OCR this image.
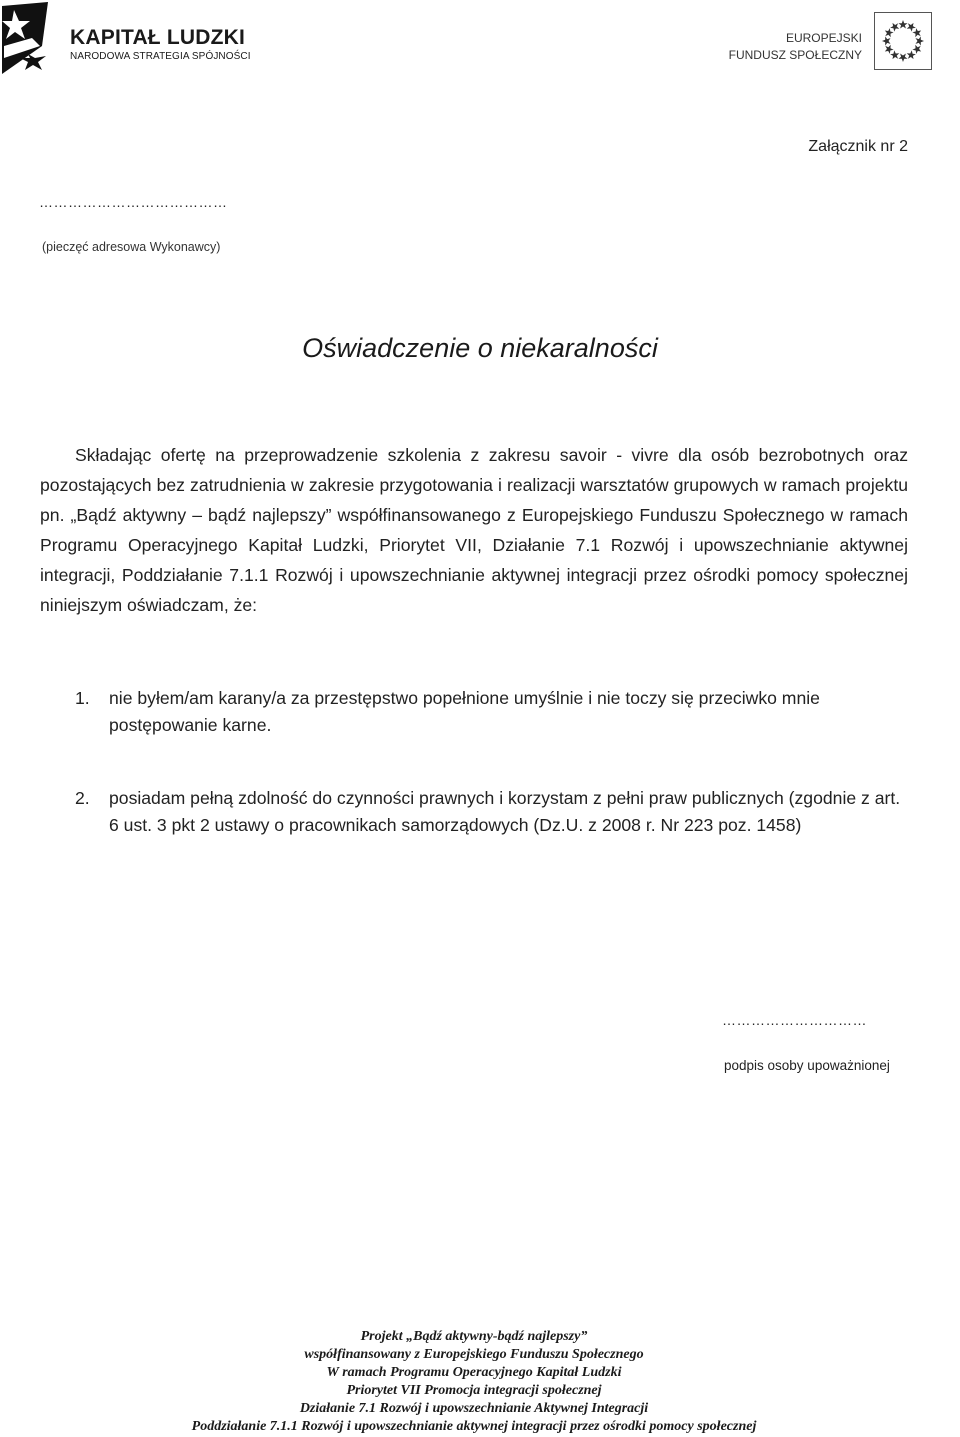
KAPITAŁ LUDZKI
NARODOWA STRATEGIA SPÓJNOŚCI
EUROPEJSKI
FUNDUSZ SPOŁECZNY
Załącznik nr 2
…………………………………
(pieczęć adresowa Wykonawcy)
Oświadczenie o niekaralności

Składając ofertę na przeprowadzenie szkolenia z zakresu savoir - vivre dla osób bezrobotnych oraz pozostających bez zatrudnienia w zakresie przygotowania i realizacji warsztatów grupowych w ramach projektu pn. „Bądź aktywny – bądź najlepszy” współfinansowanego z Europejskiego Funduszu Społecznego w ramach Programu Operacyjnego Kapitał Ludzki, Priorytet VII, Działanie 7.1 Rozwój i upowszechnianie aktywnej integracji, Poddziałanie 7.1.1 Rozwój i upowszechnianie aktywnej integracji przez ośrodki pomocy społecznej niniejszym oświadczam, że:

1.	nie byłem/am karany/a za przestępstwo popełnione umyślnie i nie toczy się przeciwko mnie postępowanie karne.
2.	posiadam pełną zdolność do czynności prawnych i korzystam z pełni praw publicznych (zgodnie z art. 6 ust. 3 pkt 2 ustawy o pracownikach samorządowych (Dz.U. z 2008 r. Nr 223 poz. 1458)
…………………………
podpis osoby upoważnionej
Projekt „Bądź aktywny-bądź najlepszy”
współfinansowany z Europejskiego Funduszu Społecznego
W ramach Programu Operacyjnego Kapitał Ludzki
Priorytet VII Promocja integracji społecznej
Działanie 7.1 Rozwój i upowszechnianie Aktywnej Integracji
Poddziałanie 7.1.1 Rozwój i upowszechnianie aktywnej integracji przez ośrodki pomocy społecznej
